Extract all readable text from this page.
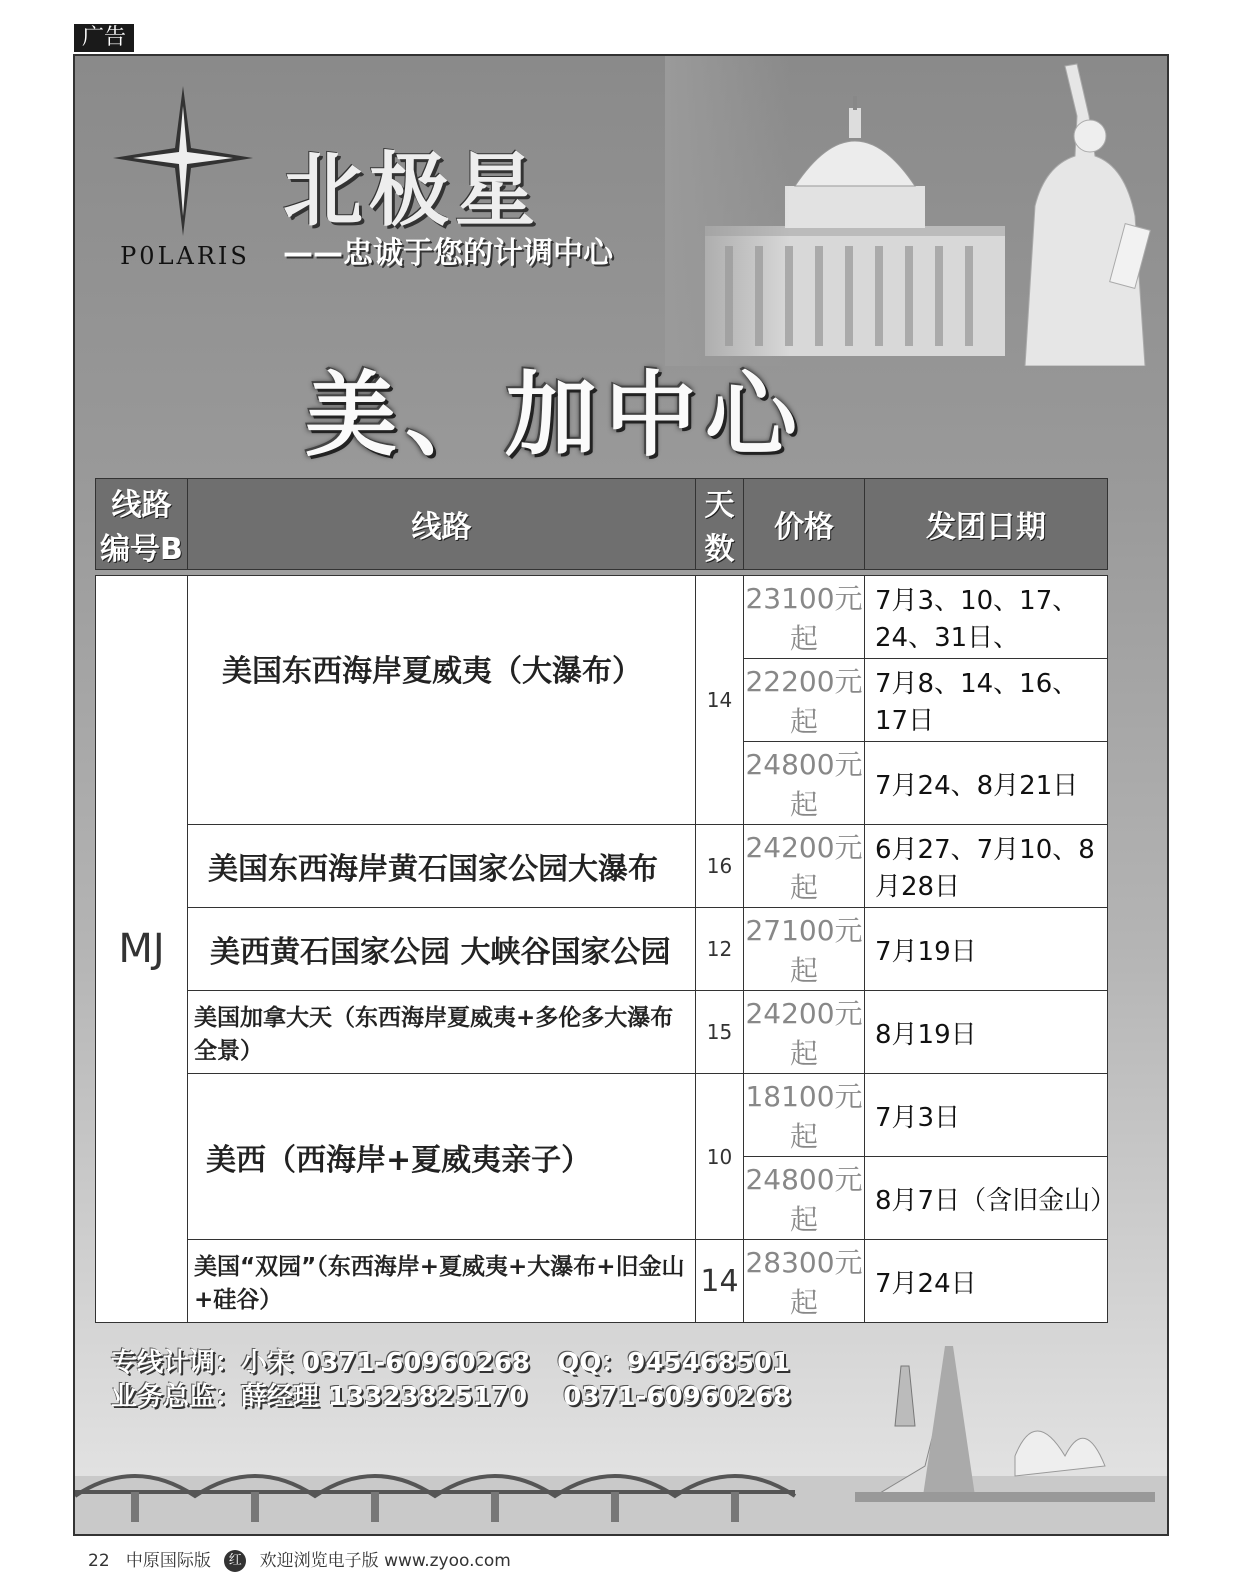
广告
P0LARIS
北极星
——忠诚于您的计调中心
美、加中心
线路编号B	线路	天数	价格	发团日期

MJ	美国东西海岸夏威夷（大瀑布）	14	23100元起	7月3、10、17、24、31日、
			22200元起	7月8、14、16、17日
			24800元起	7月24、8月21日
	美国东西海岸黄石国家公园大瀑布	16	24200元起	6月27、7月10、8月28日
	美西黄石国家公园 大峡谷国家公园	12	27100元起	7月19日
	美国加拿大天（东西海岸夏威夷+多伦多大瀑布全景）	15	24200元起	8月19日
	美西（西海岸+夏威夷亲子）	10	18100元起	7月3日
			24800元起	8月7日（含旧金山）
	美国“双园”（东西海岸+夏威夷+大瀑布+旧金山+硅谷）	14	28300元起	7月24日
专线计调：小宋 0371-60960268   QQ：945468501
业务总监：薛经理 13323825170    0371-60960268
22 中原国际版 红 欢迎浏览电子版 www.zyoo.com
